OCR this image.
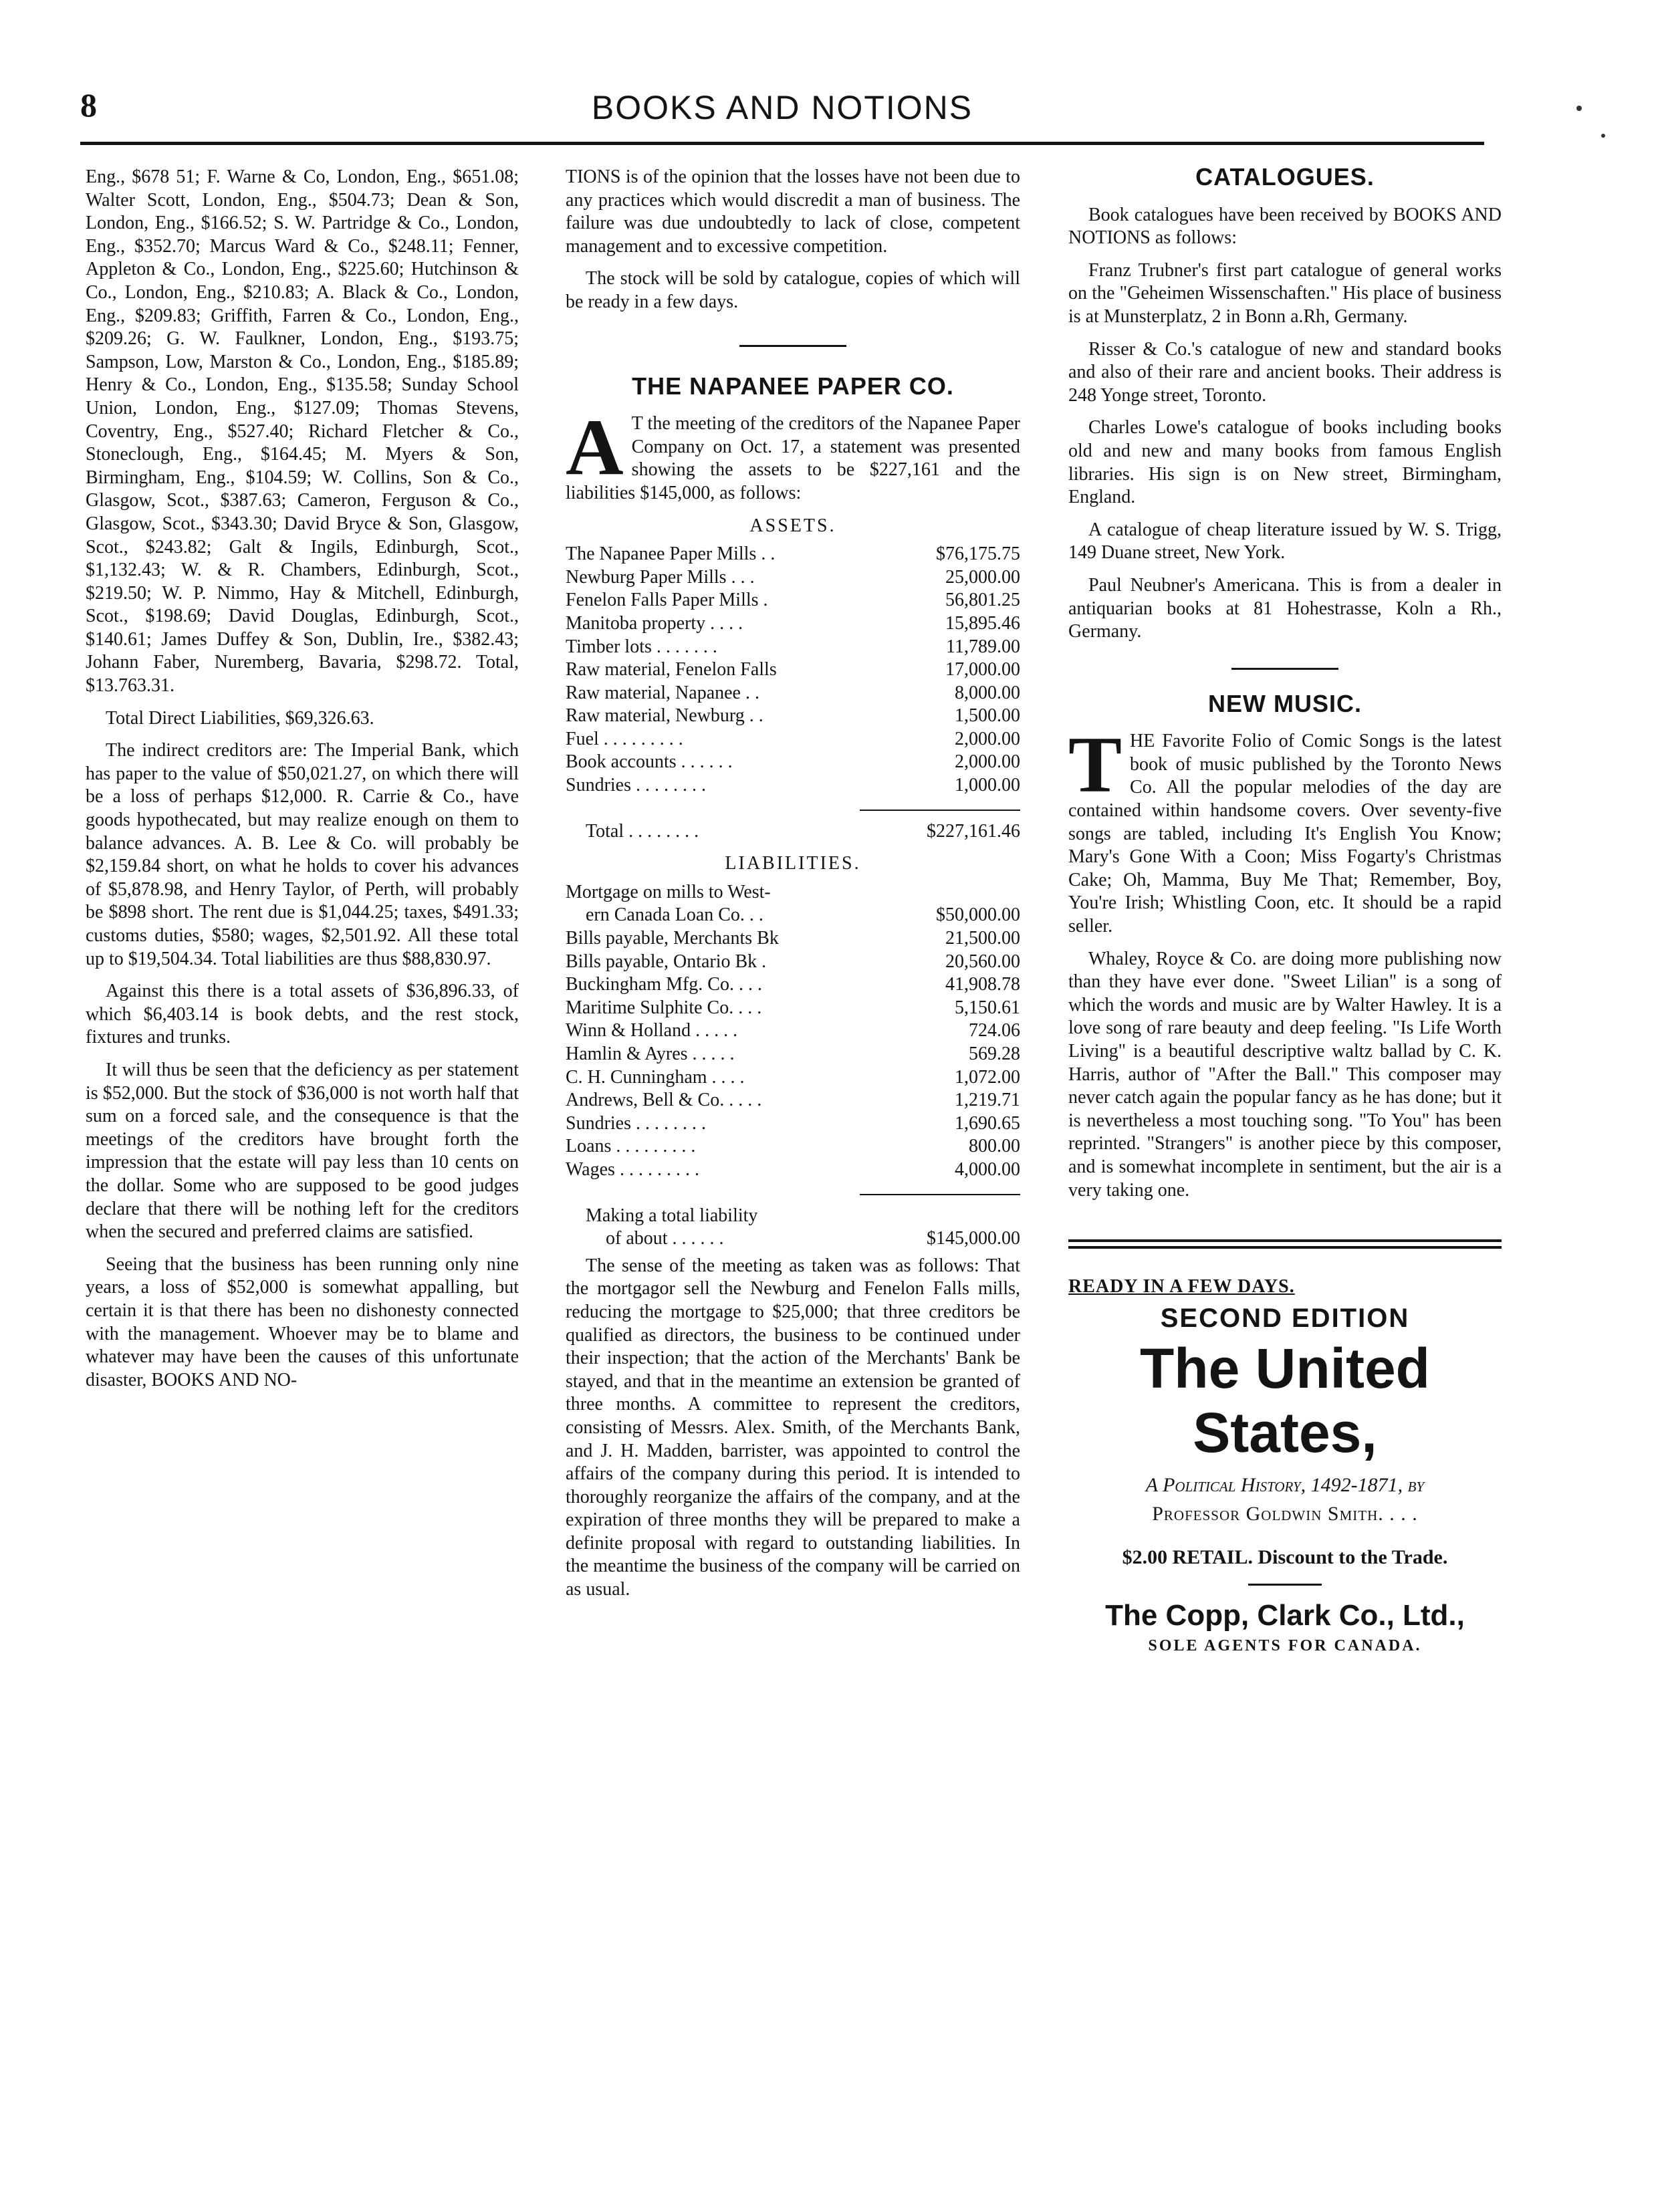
8	BOOKS AND NOTIONS

Eng., $678 51; F. Warne & Co, London, Eng., $651.08; Walter Scott, London, Eng., $504.73; Dean & Son, London, Eng., $166.52; S. W. Partridge & Co., London, Eng., $352.70; Marcus Ward & Co., $248.11; Fenner, Appleton & Co., London, Eng., $225.60; Hutchinson & Co., London, Eng., $210.83; A. Black & Co., London, Eng., $209.83; Griffith, Farren & Co., London, Eng., $209.26; G. W. Faulkner, London, Eng., $193.75; Sampson, Low, Marston & Co., London, Eng., $185.89; Henry & Co., London, Eng., $135.58; Sunday School Union, London, Eng., $127.09; Thomas Stevens, Coventry, Eng., $527.40; Richard Fletcher & Co., Stoneclough, Eng., $164.45; M. Myers & Son, Birmingham, Eng., $104.59; W. Collins, Son & Co., Glasgow, Scot., $387.63; Cameron, Ferguson & Co., Glasgow, Scot., $343.30; David Bryce & Son, Glasgow, Scot., $243.82; Galt & Ingils, Edinburgh, Scot., $1,132.43; W. & R. Chambers, Edinburgh, Scot., $219.50; W. P. Nimmo, Hay & Mitchell, Edinburgh, Scot., $198.69; David Douglas, Edinburgh, Scot., $140.61; James Duffey & Son, Dublin, Ire., $382.43; Johann Faber, Nuremberg, Bavaria, $298.72. Total, $13.763.31.

Total Direct Liabilities, $69,326.63.

The indirect creditors are: The Imperial Bank, which has paper to the value of $50,021.27, on which there will be a loss of perhaps $12,000. R. Carrie & Co., have goods hypothecated, but may realize enough on them to balance advances. A. B. Lee & Co. will probably be $2,159.84 short, on what he holds to cover his advances of $5,878.98, and Henry Taylor, of Perth, will probably be $898 short. The rent due is $1,044.25; taxes, $491.33; customs duties, $580; wages, $2,501.92. All these total up to $19,504.34. Total liabilities are thus $88,830.97.

Against this there is a total assets of $36,896.33, of which $6,403.14 is book debts, and the rest stock, fixtures and trunks.

It will thus be seen that the deficiency as per statement is $52,000. But the stock of $36,000 is not worth half that sum on a forced sale, and the consequence is that the meetings of the creditors have brought forth the impression that the estate will pay less than 10 cents on the dollar. Some who are supposed to be good judges declare that there will be nothing left for the creditors when the secured and preferred claims are satisfied.

Seeing that the business has been running only nine years, a loss of $52,000 is somewhat appalling, but certain it is that there has been no dishonesty connected with the management. Whoever may be to blame and whatever may have been the causes of this unfortunate disaster, BOOKS AND NO-

TIONS is of the opinion that the losses have not been due to any practices which would discredit a man of business. The failure was due undoubtedly to lack of close, competent management and to excessive competition.

The stock will be sold by catalogue, copies of which will be ready in a few days.

THE NAPANEE PAPER CO.

A T the meeting of the creditors of the Napanee Paper Company on Oct. 17, a statement was presented showing the assets to be $227,161 and the liabilities $145,000, as follows:

ASSETS.
The Napanee Paper Mills . .	$76,175.75
Newburg Paper Mills . . .	25,000.00
Fenelon Falls Paper Mills .	56,801.25
Manitoba property . . . .	15,895.46
Timber lots . . . . . . .	11,789.00
Raw material, Fenelon Falls	17,000.00
Raw material, Napanee . .	8,000.00
Raw material, Newburg . .	1,500.00
Fuel . . . . . . . . .	2,000.00
Book accounts . . . . . .	2,000.00
Sundries . . . . . . . .	1,000.00
Total . . . . . . . .	$227,161.46
LIABILITIES.
Mortgage on mills to West-
ern Canada Loan Co. . .	$50,000.00
Bills payable, Merchants Bk	21,500.00
Bills payable, Ontario Bk .	20,560.00
Buckingham Mfg. Co. . . .	41,908.78
Maritime Sulphite Co. . . .	5,150.61
Winn & Holland . . . . .	724.06
Hamlin & Ayres . . . . .	569.28
C. H. Cunningham . . . .	1,072.00
Andrews, Bell & Co. . . . .	1,219.71
Sundries . . . . . . . .	1,690.65
Loans . . . . . . . . .	800.00
Wages . . . . . . . . .	4,000.00
Making a total liability
of about . . . . . .	$145,000.00

The sense of the meeting as taken was as follows: That the mortgagor sell the Newburg and Fenelon Falls mills, reducing the mortgage to $25,000; that three creditors be qualified as directors, the business to be continued under their inspection; that the action of the Merchants' Bank be stayed, and that in the meantime an extension be granted of three months. A committee to represent the creditors, consisting of Messrs. Alex. Smith, of the Merchants Bank, and J. H. Madden, barrister, was appointed to control the affairs of the company during this period. It is intended to thoroughly reorganize the affairs of the company, and at the expiration of three months they will be prepared to make a definite proposal with regard to outstanding liabilities. In the meantime the business of the company will be carried on as usual.

CATALOGUES.

Book catalogues have been received by BOOKS AND NOTIONS as follows:

Franz Trubner's first part catalogue of general works on the "Geheimen Wissenschaften." His place of business is at Munsterplatz, 2 in Bonn a.Rh, Germany.

Risser & Co.'s catalogue of new and standard books and also of their rare and ancient books. Their address is 248 Yonge street, Toronto.

Charles Lowe's catalogue of books including books old and new and many books from famous English libraries. His sign is on New street, Birmingham, England.

A catalogue of cheap literature issued by W. S. Trigg, 149 Duane street, New York.

Paul Neubner's Americana. This is from a dealer in antiquarian books at 81 Hohestrasse, Koln a Rh., Germany.

NEW MUSIC.

THE Favorite Folio of Comic Songs is the latest book of music published by the Toronto News Co. All the popular melodies of the day are contained within handsome covers. Over seventy-five songs are tabled, including It's English You Know; Mary's Gone With a Coon; Miss Fogarty's Christmas Cake; Oh, Mamma, Buy Me That; Remember, Boy, You're Irish; Whistling Coon, etc. It should be a rapid seller.

Whaley, Royce & Co. are doing more publishing now than they have ever done. "Sweet Lilian" is a song of which the words and music are by Walter Hawley. It is a love song of rare beauty and deep feeling. "Is Life Worth Living" is a beautiful descriptive waltz ballad by C. K. Harris, author of "After the Ball." This composer may never catch again the popular fancy as he has done; but it is nevertheless a most touching song. "To You" has been reprinted. "Strangers" is another piece by this composer, and is somewhat incomplete in sentiment, but the air is a very taking one.

READY IN A FEW DAYS.
SECOND EDITION
The United States,
A Political History, 1492-1871, by
Professor Goldwin Smith. . . .
$2.00 RETAIL. Discount to the Trade.
The Copp, Clark Co., Ltd.,
SOLE AGENTS FOR CANADA.
